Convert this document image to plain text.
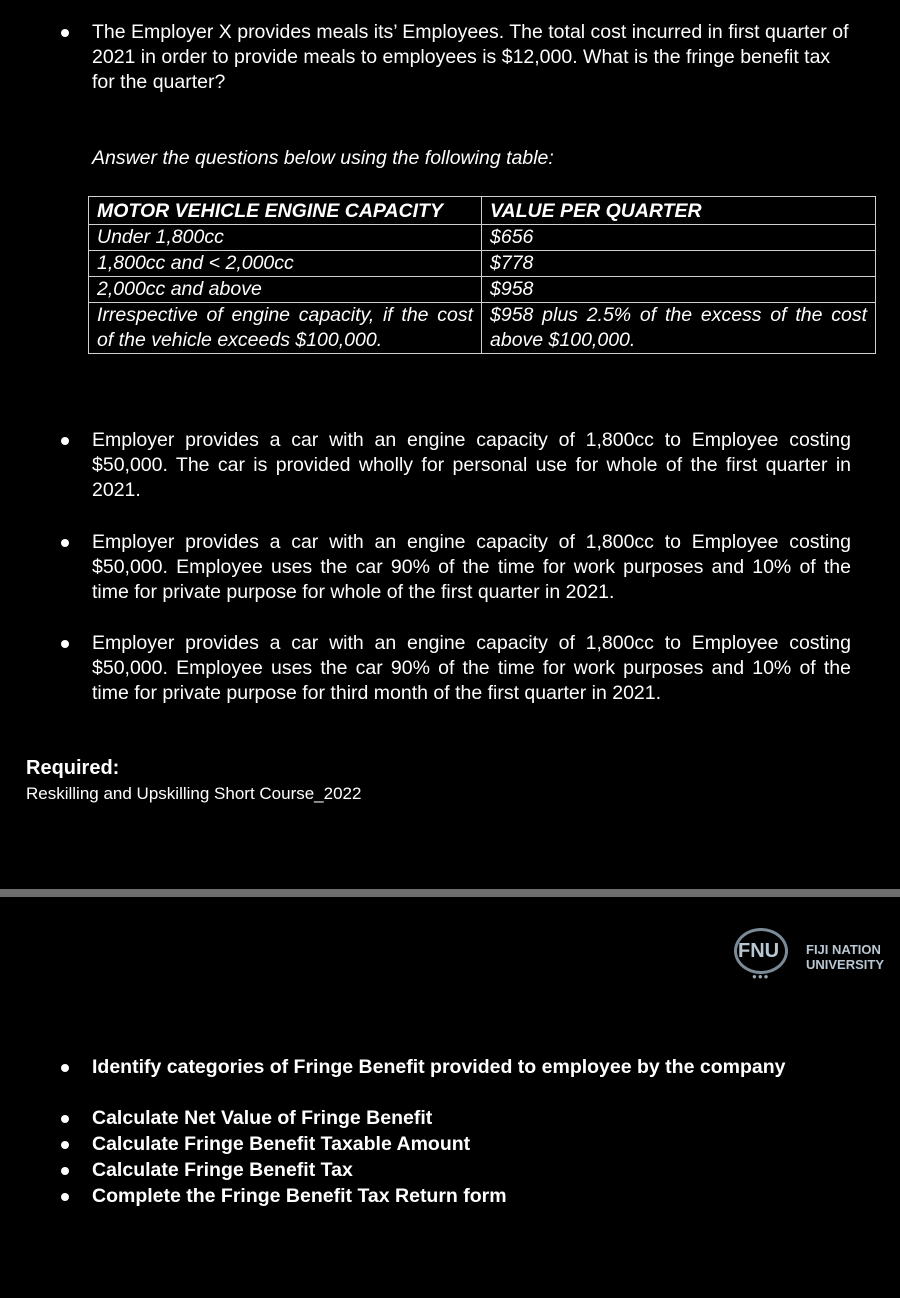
The Employer X provides meals its’ Employees. The total cost incurred in first quarter of 2021 in order to provide meals to employees is $12,000. What is the fringe benefit tax for the quarter?
Answer the questions below using the following table:
MOTOR VEHICLE ENGINE CAPACITY	VALUE PER QUARTER
Under 1,800cc	$656
1,800cc and < 2,000cc	$778
2,000cc and above	$958
Irrespective of engine capacity, if the cost of the vehicle exceeds $100,000.	$958 plus 2.5% of the excess of the cost above $100,000.
Employer provides a car with an engine capacity of 1,800cc to Employee costing $50,000. The car is provided wholly for personal use for whole of the first quarter in 2021.
Employer provides a car with an engine capacity of 1,800cc to Employee costing $50,000. Employee uses the car 90% of the time for work purposes and 10% of the time for private purpose for whole of the first quarter in 2021.
Employer provides a car with an engine capacity of 1,800cc to Employee costing $50,000. Employee uses the car 90% of the time for work purposes and 10% of the time for private purpose for third month of the first quarter in 2021.
Required:
Reskilling and Upskilling Short Course_2022
FNU
●●●
FIJI NATION
UNIVERSITY
Identify categories of Fringe Benefit provided to employee by the company
Calculate Net Value of Fringe Benefit
Calculate Fringe Benefit Taxable Amount
Calculate Fringe Benefit Tax
Complete the Fringe Benefit Tax Return form
